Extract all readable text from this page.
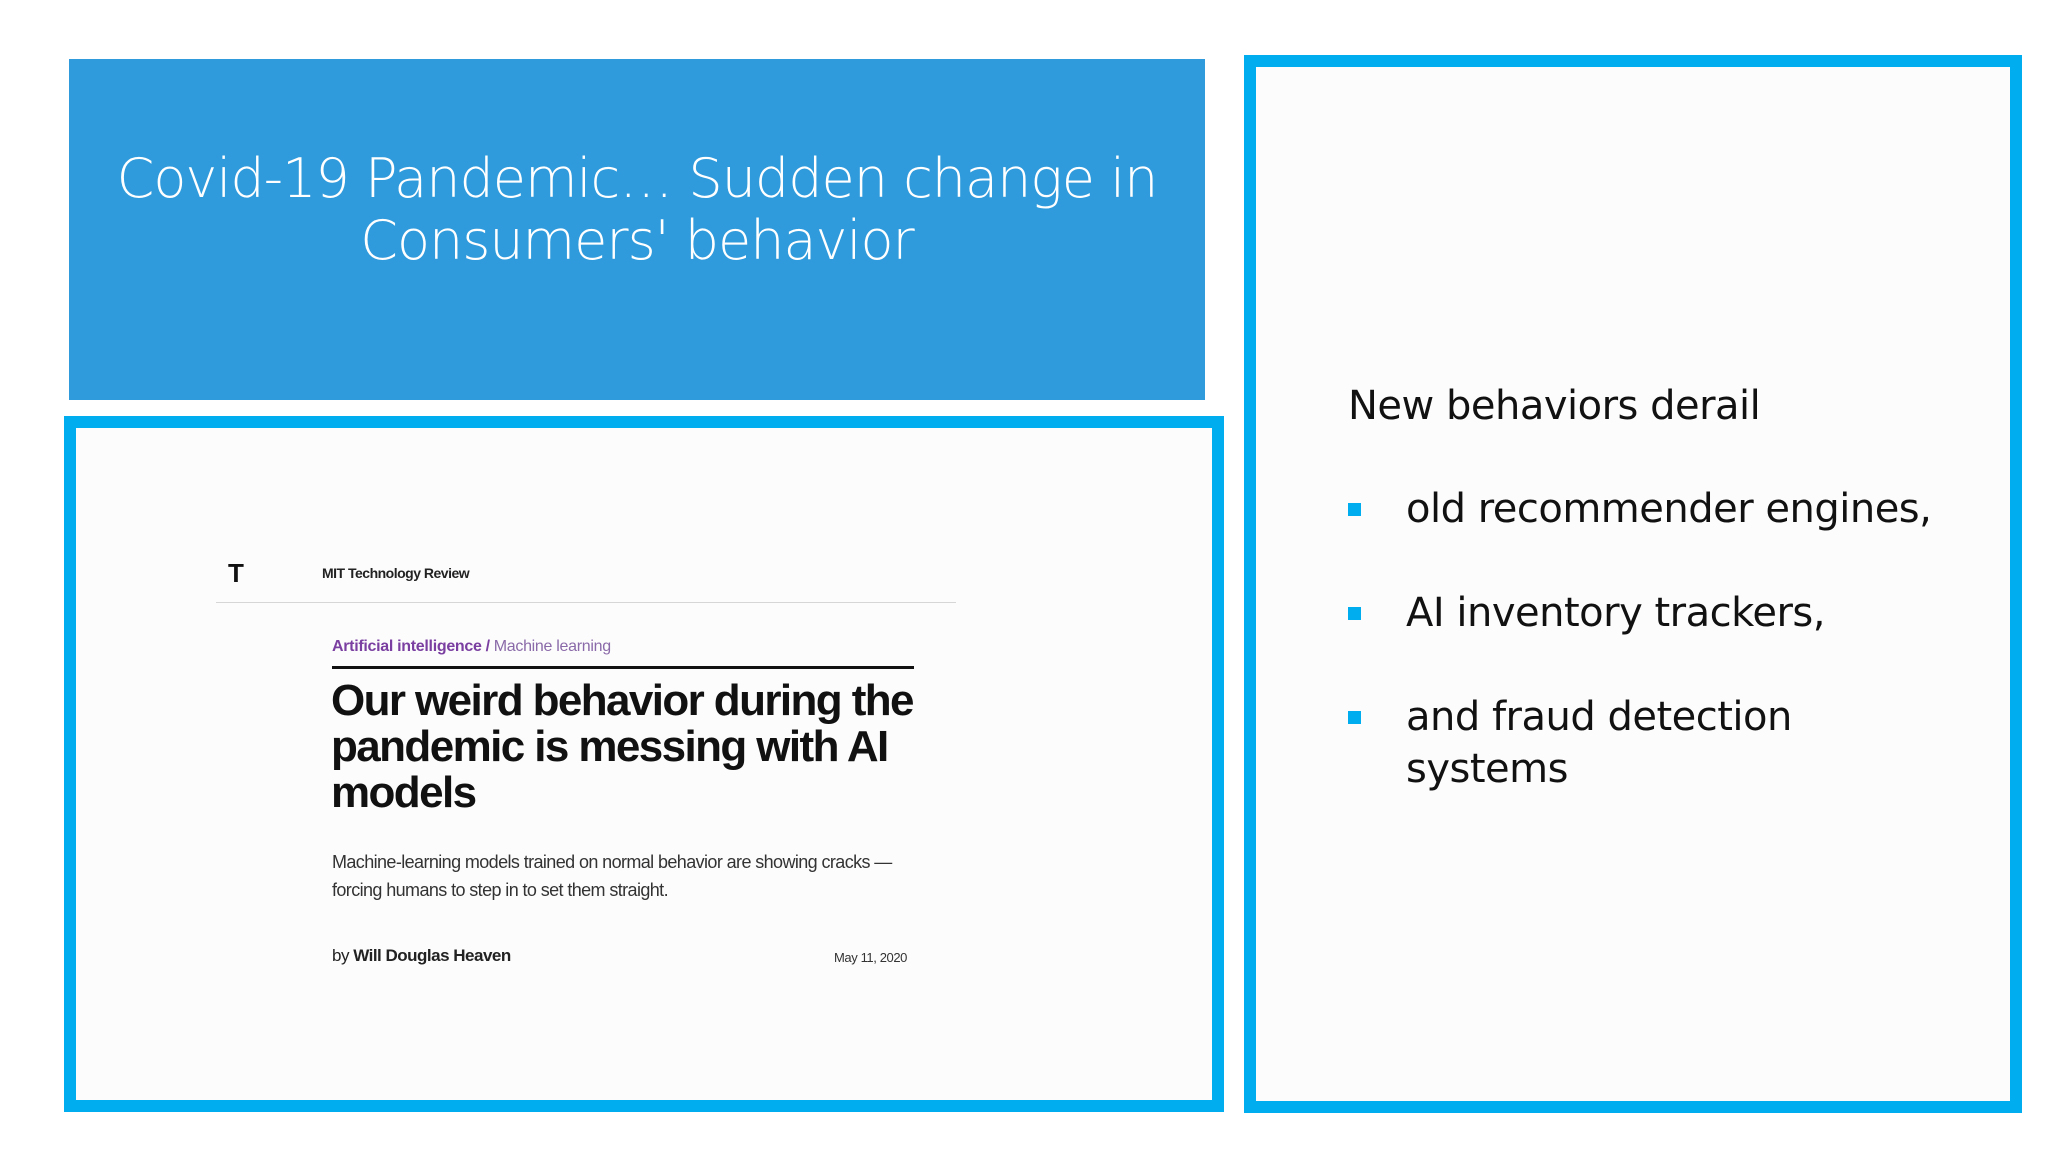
Covid-19 Pandemic… Sudden change in
Consumers' behavior
T	MIT Technology Review
Artificial intelligence / Machine learning
Our weird behavior during the pandemic is messing with AI models
Machine-learning models trained on normal behavior are showing cracks —forcing humans to step in to set them straight.
by Will Douglas Heaven	May 11, 2020
New behaviors derail
old recommender engines,
AI inventory trackers,
and fraud detection systems
